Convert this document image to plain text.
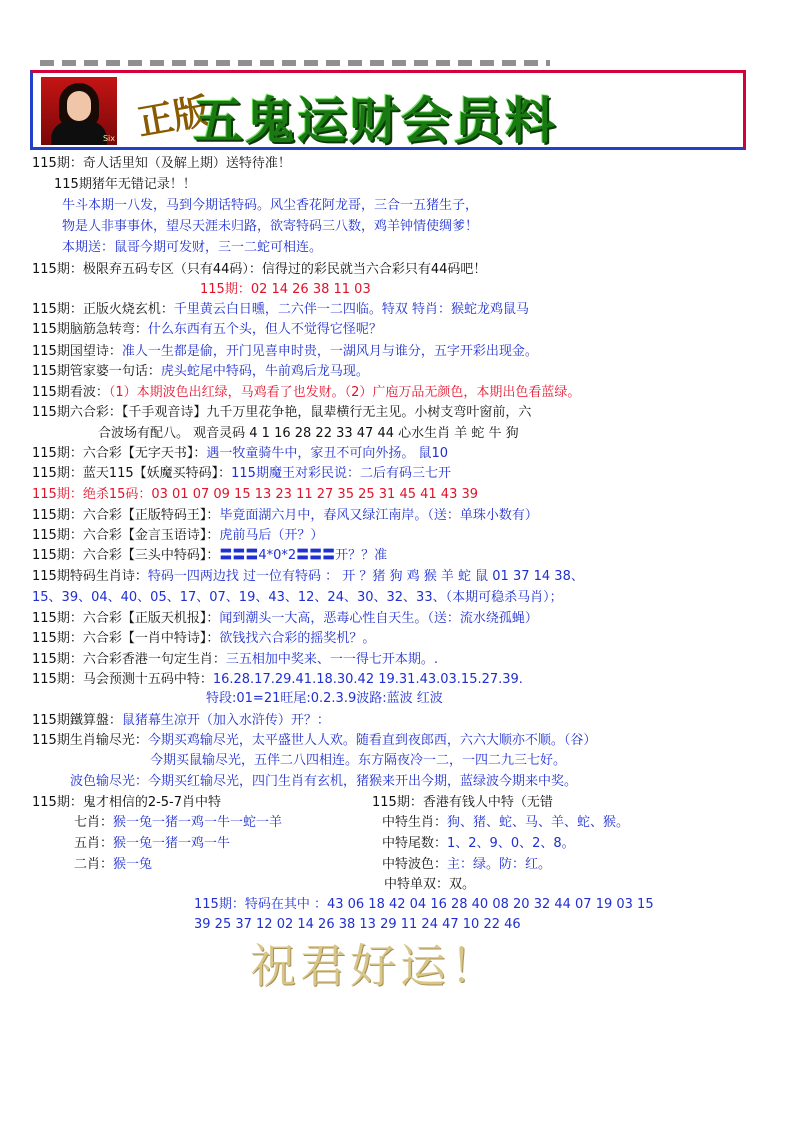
Six 正版
五鬼运财会员料
115期：奇人话里知（及解上期）送特待准！
115期猪年无错记录！！
牛斗本期一八发，马到今期话特码。风尘香花阿龙哥，三合一五猪生子，
物是人非事事休，望尽天涯未归路，欲寄特码三八数，鸡羊钟情使绸爹！
本期送：鼠哥今期可发财，三一二蛇可相连。
115期：极限弃五码专区（只有44码）：信得过的彩民就当六合彩只有44码吧！
115期：02 14 26 38 11 03
115期：正版火烧玄机：千里黄云白日曛，二六伴一二四临。特双 特肖：猴蛇龙鸡鼠马
115期脑筋急转弯：什么东西有五个头，但人不觉得它怪呢？
115期国望诗：准人一生都是偷，开门见喜申时贵，一湖风月与谁分，五字开彩出现金。
115期管家婆一句话：虎头蛇尾中特码，牛前鸡后龙马现。
115期看波：（1）本期波色出红绿，马鸡看了也发财。（2）广庖万品无颜色，本期出色看蓝绿。
115期六合彩：【千手观音诗】九千万里花争艳，鼠辈横行无主见。小树支弯叶窗前，六
合波场有配八。 观音灵码 4 1 16 28 22 33 47 44 心水生肖 羊 蛇 牛 狗
115期：六合彩【无字天书】：遇一牧童骑牛中，家丑不可向外扬。 鼠10
115期：蓝天115【妖魔买特码】：115期魔王对彩民说：二后有码三七开
115期：绝杀15码：03 01 07 09 15 13 23 11 27 35 25 31 45 41 43 39
115期：六合彩【正版特码王】：毕竟面湖六月中，春风又绿江南岸。（送：单珠小数有）
115期：六合彩【金言玉语诗】：虎前马后（开？）
115期：六合彩【三头中特码】：〓〓〓4*0*2〓〓〓开？？准
115期特码生肖诗：特码一四两边找 过一位有特码 ： 开 ？猪 狗 鸡 猴 羊 蛇 鼠 01 37 14 38、
15、39、04、40、05、17、07、19、43、12、24、30、32、33、（本期可稳杀马肖）；
115期：六合彩【正版天机报】：闻到潮头一大高，恶毒心性自天生。（送：流水绕孤蝇）
115期：六合彩【一肖中特诗】：欲钱找六合彩的摇奖机？。
115期：六合彩香港一句定生肖：三五相加中奖来、一一得七开本期。.
115期：马会预测十五码中特：16.28.17.29.41.18.30.42 19.31.43.03.15.27.39.
特段:01=21旺尾:0.2.3.9波路:蓝波 红波
115期鐵算盤：鼠猪幕生凉开（加入水浒传）开？：
115期生肖输尽光：今期买鸡输尽光，太平盛世人人欢。随看直到夜郎西，六六大顺亦不顺。（谷）
今期买鼠输尽光，五伴二八四相连。东方隔夜冷一二，一四二九三七好。
波色输尽光：今期买红输尽光，四门生肖有玄机，猪猴来开出今期，蓝绿波今期来中奖。
115期：鬼才相信的2-5-7肖中特
七肖：猴一兔一猪一鸡一牛一蛇一羊
五肖：猴一兔一猪一鸡一牛
二肖：猴一兔
115期：香港有钱人中特（无错
中特生肖：狗、猪、蛇、马、羊、蛇、猴。
中特尾数：1、2、9、0、2、8。
中特波色：主：绿。防：红。
中特单双：双。
115期：特码在其中 ：43 06 18 42 04 16 28 40 08 20 32 44 07 19 03 15
39 25 37 12 02 14 26 38 13 29 11 24 47 10 22 46
祝君好运！
